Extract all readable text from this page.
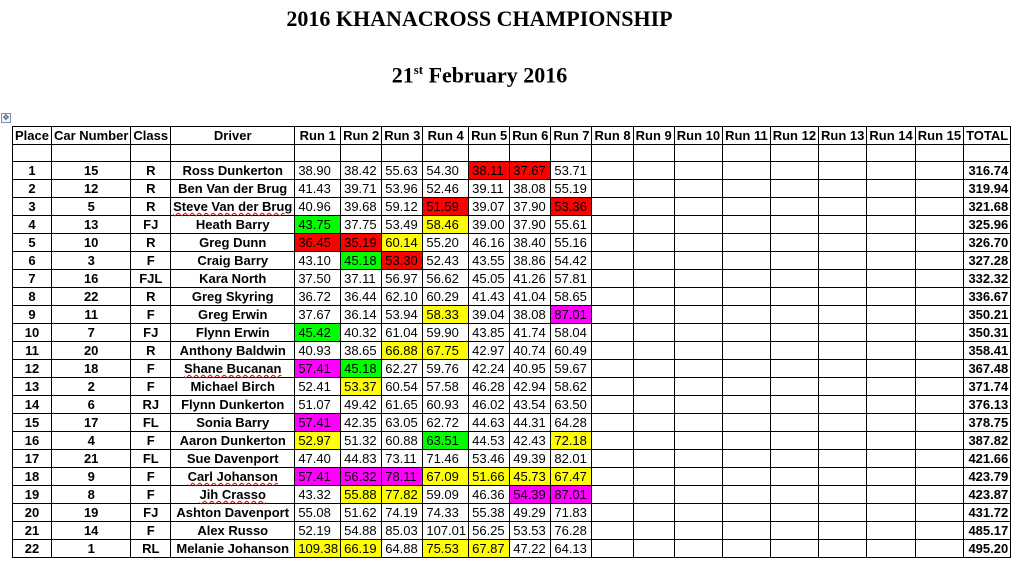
2016 KHANACROSS CHAMPIONSHIP
21st February 2016
✥
Place	Car Number	Class	Driver	Run 1	Run 2	Run 3	Run 4	Run 5	Run 6	Run 7	Run 8	Run 9	Run 10	Run 11	Run 12	Run 13	Run 14	Run 15	TOTAL

1	15	R	Ross Dunkerton	38.90	38.42	55.63	54.30	38.11	37.67	53.71									316.74
2	12	R	Ben Van der Brug	41.43	39.71	53.96	52.46	39.11	38.08	55.19									319.94
3	5	R	Steve Van der Brug	40.96	39.68	59.12	51.59	39.07	37.90	53.36									321.68
4	13	FJ	Heath Barry	43.75	37.75	53.49	58.46	39.00	37.90	55.61									325.96
5	10	R	Greg Dunn	36.45	35.19	60.14	55.20	46.16	38.40	55.16									326.70
6	3	F	Craig Barry	43.10	45.18	53.30	52.43	43.55	38.86	54.42									327.28
7	16	FJL	Kara North	37.50	37.11	56.97	56.62	45.05	41.26	57.81									332.32
8	22	R	Greg Skyring	36.72	36.44	62.10	60.29	41.43	41.04	58.65									336.67
9	11	F	Greg Erwin	37.67	36.14	53.94	58.33	39.04	38.08	87.01									350.21
10	7	FJ	Flynn Erwin	45.42	40.32	61.04	59.90	43.85	41.74	58.04									350.31
11	20	R	Anthony Baldwin	40.93	38.65	66.88	67.75	42.97	40.74	60.49									358.41
12	18	F	Shane Bucanan	57.41	45.18	62.27	59.76	42.24	40.95	59.67									367.48
13	2	F	Michael Birch	52.41	53.37	60.54	57.58	46.28	42.94	58.62									371.74
14	6	RJ	Flynn Dunkerton	51.07	49.42	61.65	60.93	46.02	43.54	63.50									376.13
15	17	FL	Sonia Barry	57.41	42.35	63.05	62.72	44.63	44.31	64.28									378.75
16	4	F	Aaron Dunkerton	52.97	51.32	60.88	63.51	44.53	42.43	72.18									387.82
17	21	FL	Sue Davenport	47.40	44.83	73.11	71.46	53.46	49.39	82.01									421.66
18	9	F	Carl Johanson	57.41	56.32	78.11	67.09	51.66	45.73	67.47									423.79
19	8	F	Jih Crasso	43.32	55.88	77.82	59.09	46.36	54.39	87.01									423.87
20	19	FJ	Ashton Davenport	55.08	51.62	74.19	74.33	55.38	49.29	71.83									431.72
21	14	F	Alex Russo	52.19	54.88	85.03	107.01	56.25	53.53	76.28									485.17
22	1	RL	Melanie Johanson	109.38	66.19	64.88	75.53	67.87	47.22	64.13									495.20
